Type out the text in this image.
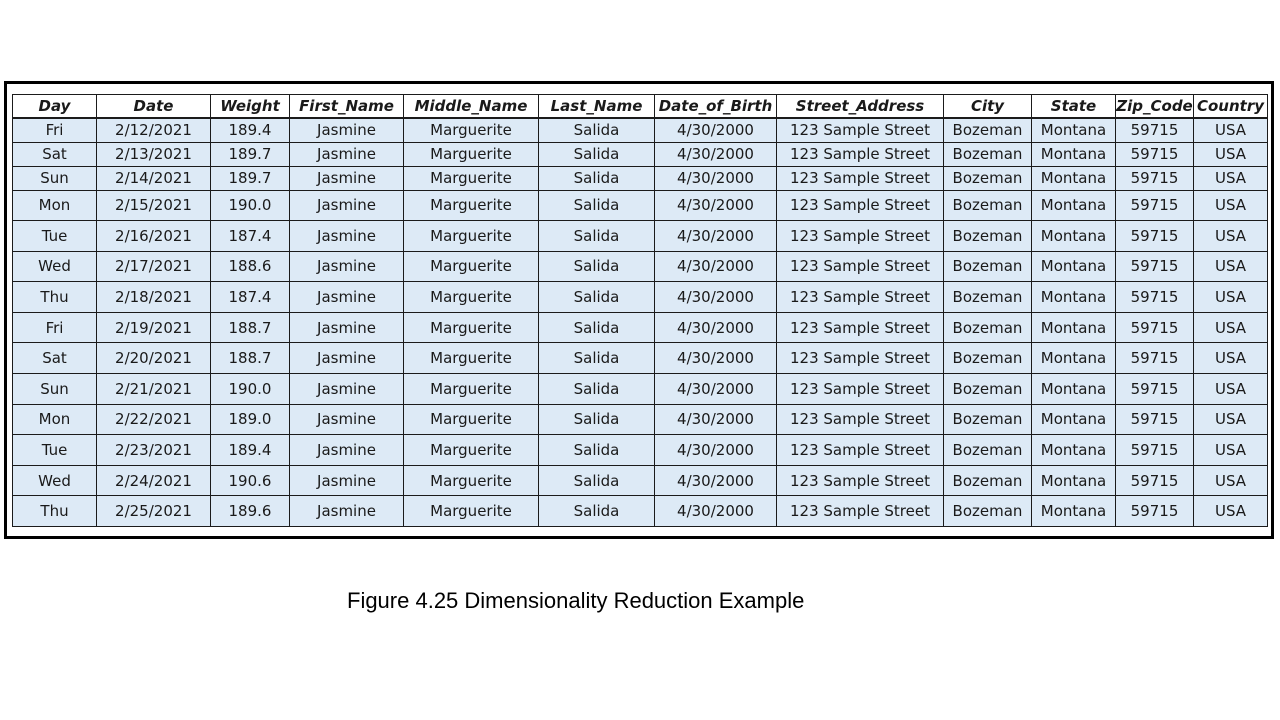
Day	Date	Weight	First_Name	Middle_Name	Last_Name	Date_of_Birth	Street_Address	City	State	Zip_Code	Country
Fri	2/12/2021	189.4	Jasmine	Marguerite	Salida	4/30/2000	123 Sample Street	Bozeman	Montana	59715	USA
Sat	2/13/2021	189.7	Jasmine	Marguerite	Salida	4/30/2000	123 Sample Street	Bozeman	Montana	59715	USA
Sun	2/14/2021	189.7	Jasmine	Marguerite	Salida	4/30/2000	123 Sample Street	Bozeman	Montana	59715	USA
Mon	2/15/2021	190.0	Jasmine	Marguerite	Salida	4/30/2000	123 Sample Street	Bozeman	Montana	59715	USA
Tue	2/16/2021	187.4	Jasmine	Marguerite	Salida	4/30/2000	123 Sample Street	Bozeman	Montana	59715	USA
Wed	2/17/2021	188.6	Jasmine	Marguerite	Salida	4/30/2000	123 Sample Street	Bozeman	Montana	59715	USA
Thu	2/18/2021	187.4	Jasmine	Marguerite	Salida	4/30/2000	123 Sample Street	Bozeman	Montana	59715	USA
Fri	2/19/2021	188.7	Jasmine	Marguerite	Salida	4/30/2000	123 Sample Street	Bozeman	Montana	59715	USA
Sat	2/20/2021	188.7	Jasmine	Marguerite	Salida	4/30/2000	123 Sample Street	Bozeman	Montana	59715	USA
Sun	2/21/2021	190.0	Jasmine	Marguerite	Salida	4/30/2000	123 Sample Street	Bozeman	Montana	59715	USA
Mon	2/22/2021	189.0	Jasmine	Marguerite	Salida	4/30/2000	123 Sample Street	Bozeman	Montana	59715	USA
Tue	2/23/2021	189.4	Jasmine	Marguerite	Salida	4/30/2000	123 Sample Street	Bozeman	Montana	59715	USA
Wed	2/24/2021	190.6	Jasmine	Marguerite	Salida	4/30/2000	123 Sample Street	Bozeman	Montana	59715	USA
Thu	2/25/2021	189.6	Jasmine	Marguerite	Salida	4/30/2000	123 Sample Street	Bozeman	Montana	59715	USA
Figure 4.25 Dimensionality Reduction Example
